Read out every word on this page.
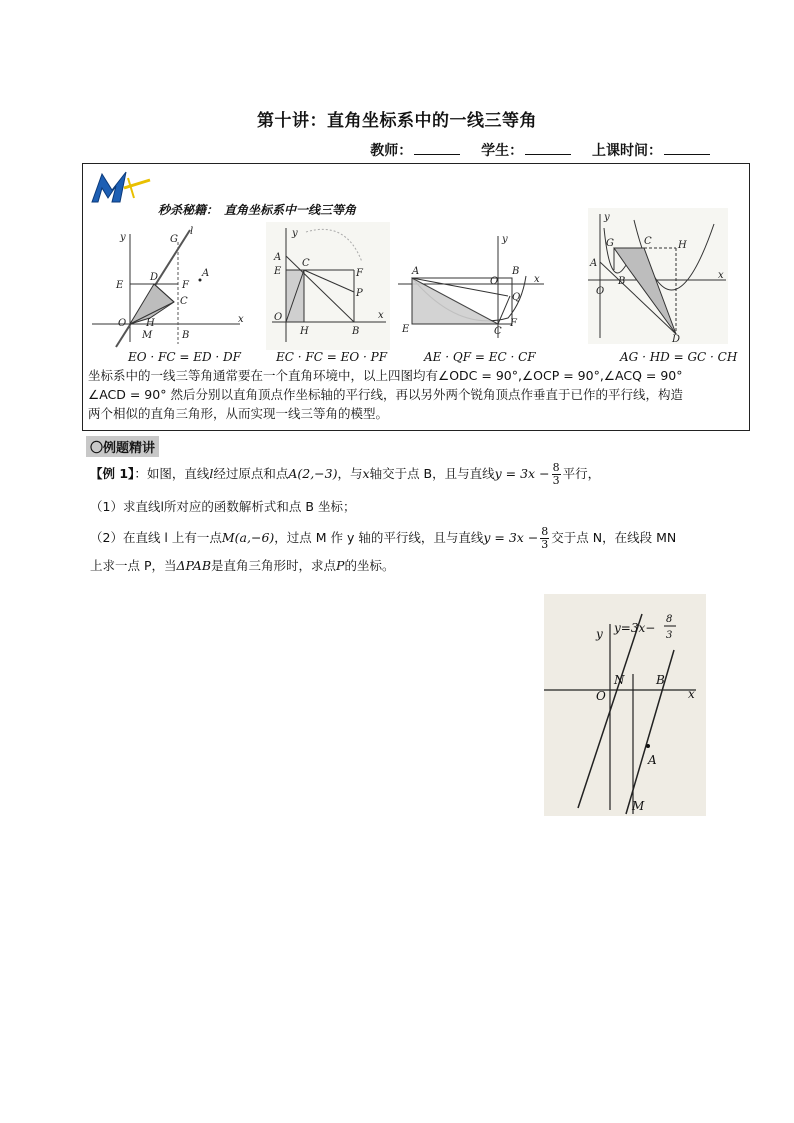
第十讲：直角坐标系中的一线三等角
教师：	学生：	上课时间：
秒杀秘籍： 直角坐标系中一线三等角
y	G
l
E
D
F
A
C
O H
M	B
x
EO · FC = ED · DF
y
A
E
C
F
P
O
H	B
x
EC · FC = EO · PF
y
A	B
O	x
Q
E	C
F
AE · QF = EC · CF
y
G	C	H
A
B
O
x
D
AG · HD = GC · CH
坐标系中的一线三等角通常要在一个直角环境中，以上四图均有∠ODC = 90°,∠OCP = 90°,∠ACQ = 90°
∠ACD = 90° 然后分别以直角顶点作坐标轴的平行线，再以另外两个锐角顶点作垂直于已作的平行线，构造
两个相似的直角三角形，从而实现一线三等角的模型。
〇例题精讲
【例 1】：如图，直线l经过原点和点A(2,−3)，与x轴交于点 B，且与直线$y = 3x - \frac{8}{3}$ 平行，
（1）求直线l所对应的函数解析式和点 B 坐标；
（2）在直线 l 上有一点M(a,−6)，过点 M 作 y 轴的平行线，且与直线$y = 3x - \frac{8}{3}$ 交于点 N，在线段 MN
上求一点 P，当ΔPAB是直角三角形时，求点P的坐标。
y y=3x−
8
3
N	B
O	x
A
M
